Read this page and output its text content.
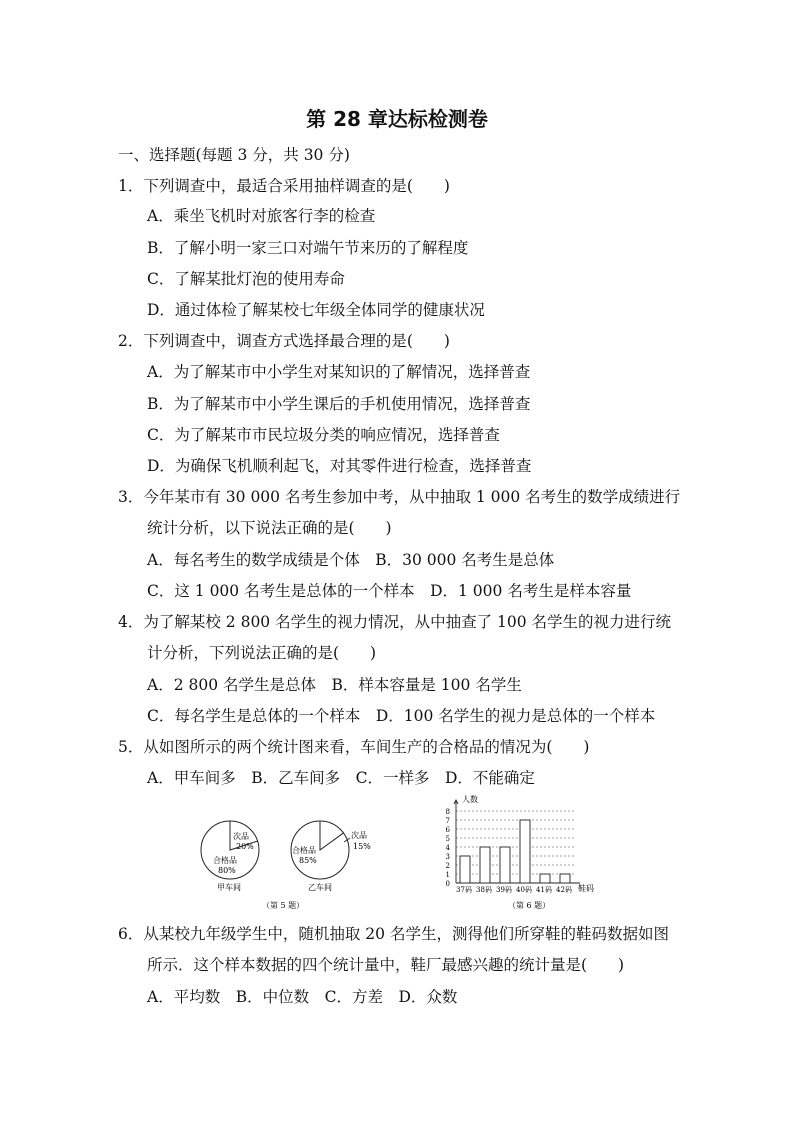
第 28 章达标检测卷
一、选择题(每题 3 分，共 30 分)
1．下列调查中，最适合采用抽样调查的是(　　)
A．乘坐飞机时对旅客行李的检查
B．了解小明一家三口对端午节来历的了解程度
C．了解某批灯泡的使用寿命
D．通过体检了解某校七年级全体同学的健康状况
2．下列调查中，调查方式选择最合理的是(　　)
A．为了解某市中小学生对某知识的了解情况，选择普查
B．为了解某市中小学生课后的手机使用情况，选择普查
C．为了解某市市民垃圾分类的响应情况，选择普查
D．为确保飞机顺利起飞，对其零件进行检查，选择普查
3．今年某市有 30 000 名考生参加中考，从中抽取 1 000 名考生的数学成绩进行
统计分析，以下说法正确的是(　　)
A．每名考生的数学成绩是个体　B．30 000 名考生是总体
C．这 1 000 名考生是总体的一个样本　D．1 000 名考生是样本容量
4．为了解某校 2 800 名学生的视力情况，从中抽查了 100 名学生的视力进行统
计分析，下列说法正确的是(　　)
A．2 800 名学生是总体　B．样本容量是 100 名学生
C．每名学生是总体的一个样本　D．100 名学生的视力是总体的一个样本
5．从如图所示的两个统计图来看，车间生产的合格品的情况为(　　)
A．甲车间多　B．乙车间多　C．一样多　D．不能确定
次品
20%
合格品
80%
甲车间
次品
15%
合格品
85%
乙车间
（第 5 题）
人数
鞋码
（第 6 题）
0
1
2
3
4
5
6
7
8
37码 38码 39码 40码 41码 42码
6．从某校九年级学生中，随机抽取 20 名学生，测得他们所穿鞋的鞋码数据如图
所示．这个样本数据的四个统计量中，鞋厂最感兴趣的统计量是(　　)
A．平均数　B．中位数　C．方差　D．众数
